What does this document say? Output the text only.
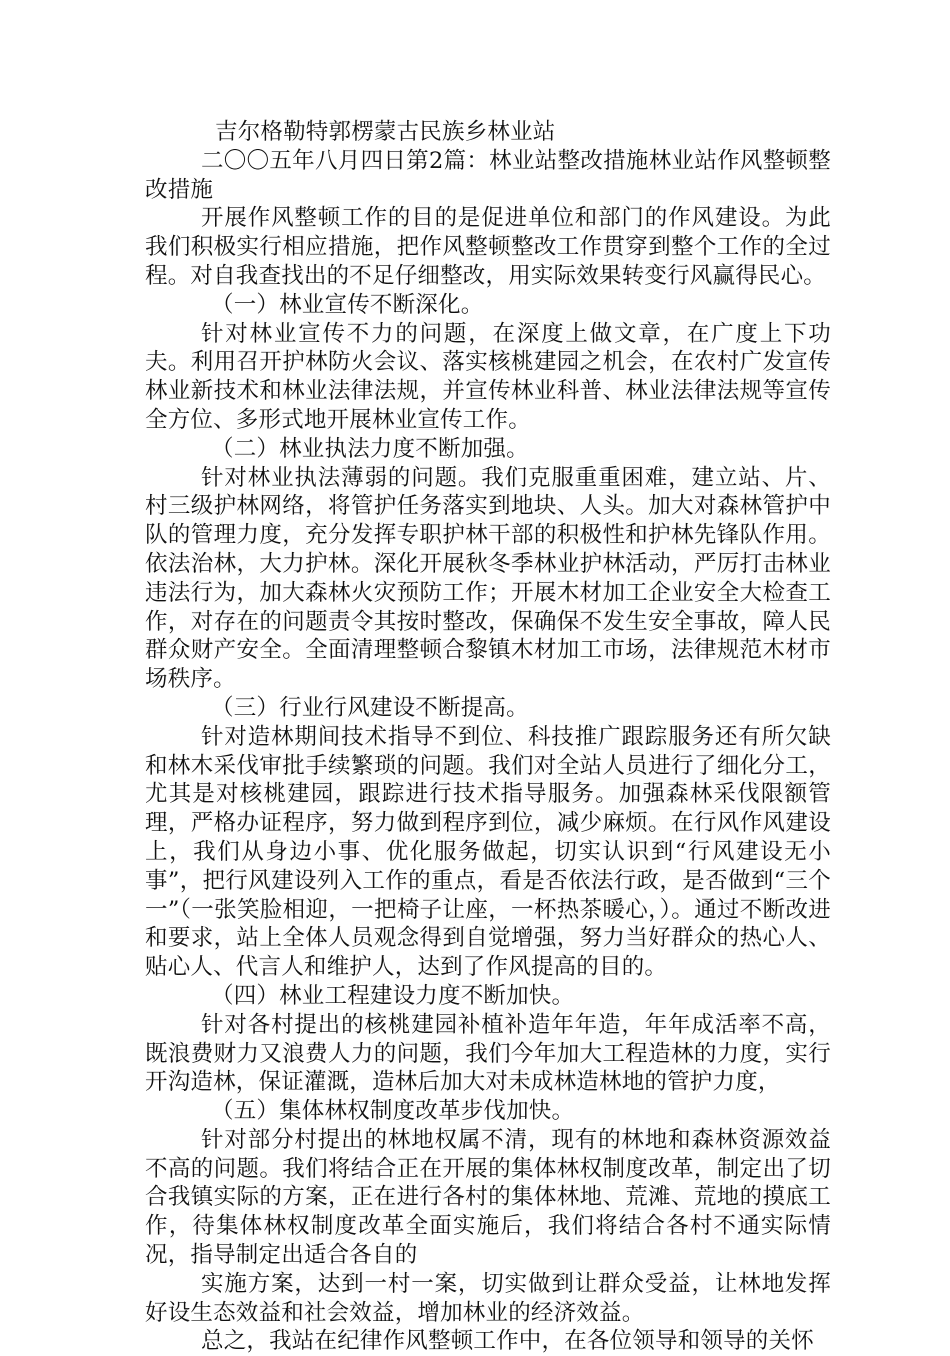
吉尔格勒特郭楞蒙古民族乡林业站

二〇〇五年八月四日第2篇：林业站整改措施林业站作风整顿整改措施

开展作风整顿工作的目的是促进单位和部门的作风建设。为此我们积极实行相应措施，把作风整顿整改工作贯穿到整个工作的全过程。对自我查找出的不足仔细整改，用实际效果转变行风赢得民心。

（一）林业宣传不断深化。

针对林业宣传不力的问题，在深度上做文章，在广度上下功夫。利用召开护林防火会议、落实核桃建园之机会，在农村广发宣传林业新技术和林业法律法规，并宣传林业科普、林业法律法规等宣传全方位、多形式地开展林业宣传工作。

（二）林业执法力度不断加强。

针对林业执法薄弱的问题。我们克服重重困难，建立站、片、村三级护林网络，将管护任务落实到地块、人头。加大对森林管护中队的管理力度，充分发挥专职护林干部的积极性和护林先锋队作用。依法治林，大力护林。深化开展秋冬季林业护林活动，严厉打击林业违法行为，加大森林火灾预防工作；开展木材加工企业安全大检查工作，对存在的问题责令其按时整改，保确保不发生安全事故，障人民群众财产安全。全面清理整顿合黎镇木材加工市场，法律规范木材市场秩序。

（三）行业行风建设不断提高。

针对造林期间技术指导不到位、科技推广跟踪服务还有所欠缺和林木采伐审批手续繁琐的问题。我们对全站人员进行了细化分工，尤其是对核桃建园，跟踪进行技术指导服务。加强森林采伐限额管理，严格办证程序，努力做到程序到位，减少麻烦。在行风作风建设上，我们从身边小事、优化服务做起，切实认识到“行风建设无小事”，把行风建设列入工作的重点，看是否依法行政，是否做到“三个一”（一张笑脸相迎，一把椅子让座，一杯热茶暖心，）。通过不断改进和要求，站上全体人员观念得到自觉增强，努力当好群众的热心人、贴心人、代言人和维护人，达到了作风提高的目的。

（四）林业工程建设力度不断加快。

针对各村提出的核桃建园补植补造年年造，年年成活率不高，既浪费财力又浪费人力的问题，我们今年加大工程造林的力度，实行开沟造林，保证灌溉，造林后加大对未成林造林地的管护力度，

（五）集体林权制度改革步伐加快。

针对部分村提出的林地权属不清，现有的林地和森林资源效益不高的问题。我们将结合正在开展的集体林权制度改革，制定出了切合我镇实际的方案，正在进行各村的集体林地、荒滩、荒地的摸底工作，待集体林权制度改革全面实施后，我们将结合各村不通实际情况，指导制定出适合各自的

实施方案，达到一村一案，切实做到让群众受益，让林地发挥好设生态效益和社会效益，增加林业的经济效益。

总之，我站在纪律作风整顿工作中，在各位领导和领导的关怀
